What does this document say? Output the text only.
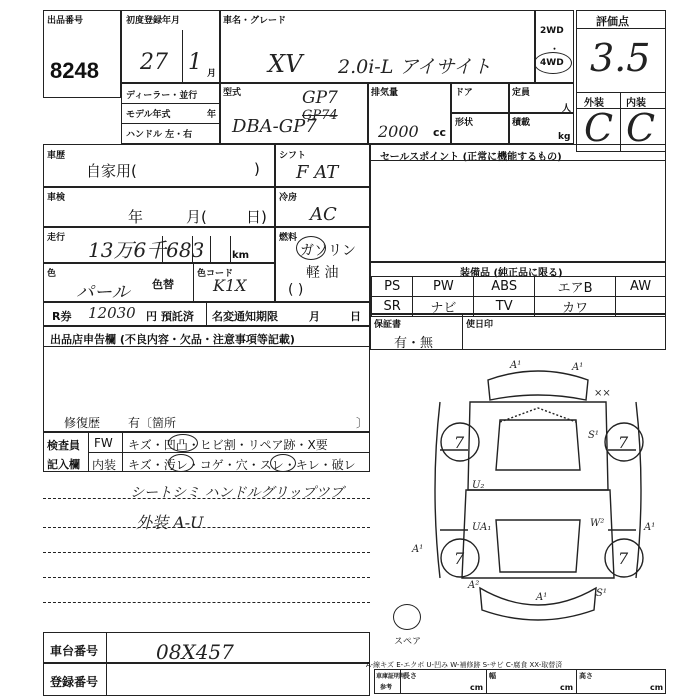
出品番号
8248
初度登録年月
27 1 月
車名・グレード
XV 2.0i-L アイサイト
2WD
・
4WD
評価点
3.5
外装 内装
C C
ディーラー・並行
モデル年式	年
ハンドル 左・右
型式
DBA-GP7
GP7
GP74
排気量
2000 cc
ドア	定員
人
形状	積載
kg
車歴
自家用(	)
車検
年	月(	日)
走行 13万6千683	km
色
パール 色替
色コード
K1X
シフト
F AT
冷房
AC
燃料
ガソリン
軽 油
( )
セールスポイント (正常に機能するもの)
装備品 (純正品に限る)
PS	PW	ABS	エアB	AW
SR	ナビ	TV	カワ	
R券 12030 円 預託済 名変通知期限	月	日
保証書
有・無
使日印
出品店申告欄 (不良内容・欠品・注意事項等記載)
修復歴 有〔箇所	〕
検査員
記入欄
FW キズ・凹凸・ヒビ割・リペア跡・X要
内装 キズ・汚レ・コゲ・穴・スレ・キレ・破レ
シートシミ ハンドルグリップツブ
外装 A-U
車台番号	08X457
登録番号
7	7
7	7
A¹
××
S¹
U₂
UA₁	W²	A¹
A¹
A²
S¹
A¹
A¹
スペア
A-線キズ E-エクボ U-凹み W-補修跡 S-サビ C-腐食 XX-取替済
車庫証明用
参考
長さ
cm
幅
cm
高さ
cm
